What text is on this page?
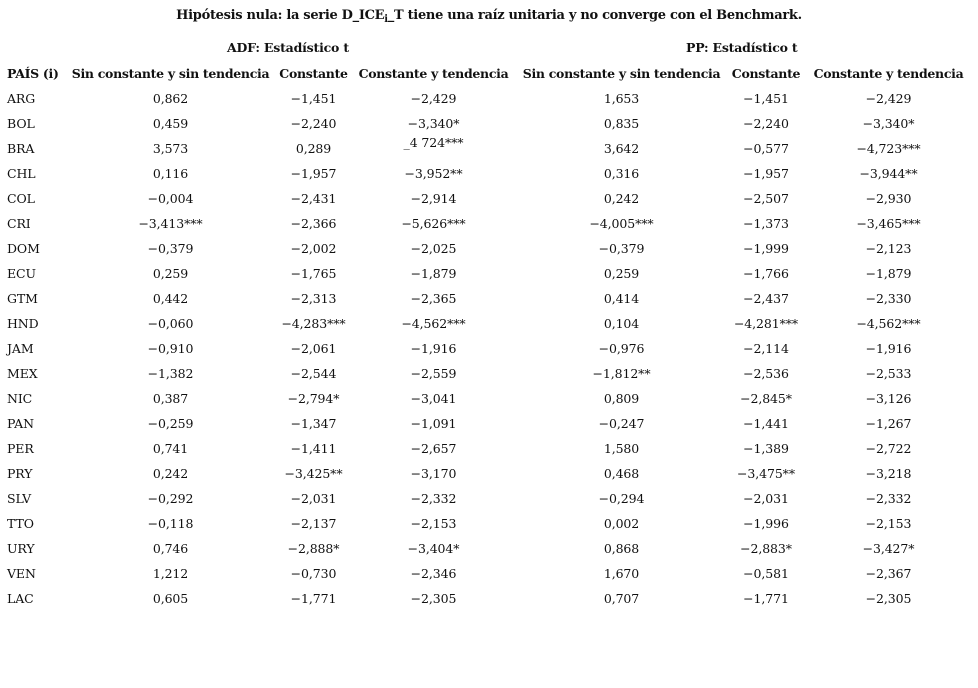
Hipótesis nula: la serie $D\_ICE_i\_T$ tiene una raíz unitaria y no converge con el Benchmark.
ADF: Estadístico t	PP: Estadístico t
PAÍS (i)	Sin constante y sin tendencia	Constante	Constante y tendencia	Sin constante y sin tendencia	Constante	Constante y tendencia
ARG	0,862	−1,451	−2,429	1,653	−1,451	−2,429
BOL	0,459	−2,240	−3,340*	0,835	−2,240	−3,340*
BRA	3,573	0,289	_4 724***	3,642	−0,577	−4,723***
CHL	0,116	−1,957	−3,952**	0,316	−1,957	−3,944**
COL	−0,004	−2,431	−2,914	0,242	−2,507	−2,930
CRI	−3,413***	−2,366	−5,626***	−4,005***	−1,373	−3,465***
DOM	−0,379	−2,002	−2,025	−0,379	−1,999	−2,123
ECU	0,259	−1,765	−1,879	0,259	−1,766	−1,879
GTM	0,442	−2,313	−2,365	0,414	−2,437	−2,330
HND	−0,060	−4,283***	−4,562***	0,104	−4,281***	−4,562***
JAM	−0,910	−2,061	−1,916	−0,976	−2,114	−1,916
MEX	−1,382	−2,544	−2,559	−1,812**	−2,536	−2,533
NIC	0,387	−2,794*	−3,041	0,809	−2,845*	−3,126
PAN	−0,259	−1,347	−1,091	−0,247	−1,441	−1,267
PER	0,741	−1,411	−2,657	1,580	−1,389	−2,722
PRY	0,242	−3,425**	−3,170	0,468	−3,475**	−3,218
SLV	−0,292	−2,031	−2,332	−0,294	−2,031	−2,332
TTO	−0,118	−2,137	−2,153	0,002	−1,996	−2,153
URY	0,746	−2,888*	−3,404*	0,868	−2,883*	−3,427*
VEN	1,212	−0,730	−2,346	1,670	−0,581	−2,367
LAC	0,605	−1,771	−2,305	0,707	−1,771	−2,305
